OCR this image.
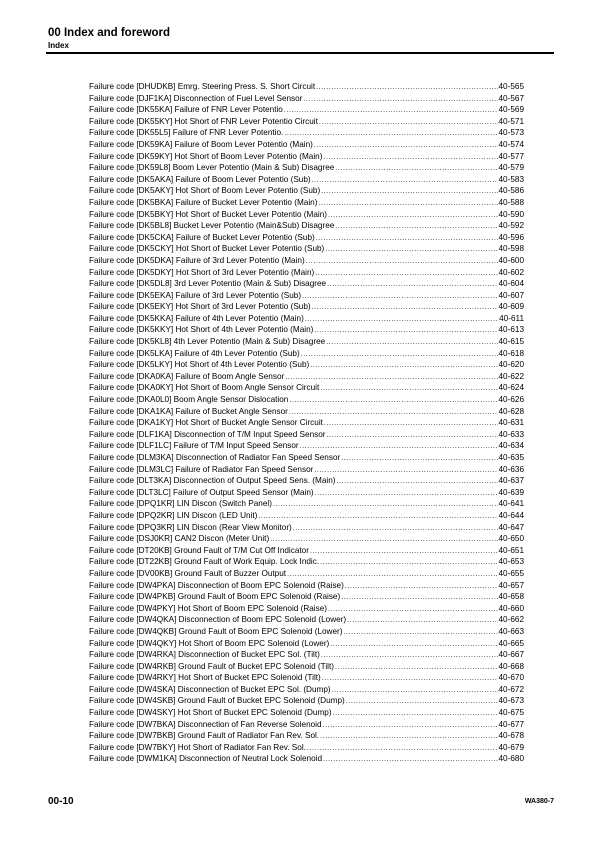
00 Index and foreword
Index
Failure code [DHUDKB] Emrg. Steering Press. S. Short Circuit .....	40-565
Failure code [DJF1KA] Disconnection of Fuel Level Sensor .....	40-567
Failure code [DK55KA] Failure of FNR Lever Potentio .....	40-569
Failure code [DK55KY] Hot Short of FNR Lever Potentio Circuit .....	40-571
Failure code [DK55L5] Failure of FNR Lever Potentio. .....	40-573
Failure code [DK59KA] Failure of Boom Lever Potentio (Main) .....	40-574
Failure code [DK59KY] Hot Short of Boom Lever Potentio (Main) .....	40-577
Failure code [DK59L8] Boom Lever Potentio (Main & Sub) Disagree .....	40-579
Failure code [DK5AKA] Failure of Boom Lever Potentio (Sub) .....	40-583
Failure code [DK5AKY] Hot Short of Boom Lever Potentio (Sub) .....	40-586
Failure code [DK5BKA] Failure of Bucket Lever Potentio (Main) .....	40-588
Failure code [DK5BKY] Hot Short of Bucket Lever Potentio (Main) .....	40-590
Failure code [DK5BL8] Bucket Lever Potentio (Main&Sub) Disagree .....	40-592
Failure code [DK5CKA] Failure of Bucket Lever Potentio (Sub) .....	40-596
Failure code [DK5CKY] Hot Short of Bucket Lever Potentio (Sub) .....	40-598
Failure code [DK5DKA] Failure of 3rd Lever Potentio (Main) .....	40-600
Failure code [DK5DKY] Hot Short of 3rd Lever Potentio (Main) .....	40-602
Failure code [DK5DL8] 3rd Lever Potentio (Main & Sub) Disagree .....	40-604
Failure code [DK5EKA] Failure of 3rd Lever Potentio (Sub) .....	40-607
Failure code [DK5EKY] Hot Short of 3rd Lever Potentio (Sub) .....	40-609
Failure code [DK5KKA] Failure of 4th Lever Potentio (Main) .....	40-611
Failure code [DK5KKY] Hot Short of 4th Lever Potentio (Main) .....	40-613
Failure code [DK5KL8] 4th Lever Potentio (Main & Sub) Disagree .....	40-615
Failure code [DK5LKA] Failure of 4th Lever Potentio (Sub) .....	40-618
Failure code [DK5LKY] Hot Short of 4th Lever Potentio (Sub) .....	40-620
Failure code [DKA0KA] Failure of Boom Angle Sensor .....	40-622
Failure code [DKA0KY] Hot Short of Boom Angle Sensor Circuit .....	40-624
Failure code [DKA0L0] Boom Angle Sensor Dislocation .....	40-626
Failure code [DKA1KA] Failure of Bucket Angle Sensor .....	40-628
Failure code [DKA1KY] Hot Short of Bucket Angle Sensor Circuit .....	40-631
Failure code [DLF1KA] Disconnection of T/M Input Speed Sensor .....	40-633
Failure code [DLF1LC] Failure of T/M Input Speed Sensor .....	40-634
Failure code [DLM3KA] Disconnection of Radiator Fan Speed Sensor .....	40-635
Failure code [DLM3LC] Failure of Radiator Fan Speed Sensor .....	40-636
Failure code [DLT3KA] Disconnection of Output Speed Sens. (Main) .....	40-637
Failure code [DLT3LC] Failure of Output Speed Sensor (Main) .....	40-639
Failure code [DPQ1KR] LIN Discon (Switch Panel) .....	40-641
Failure code [DPQ2KR] LIN Discon (LED Unit) .....	40-644
Failure code [DPQ3KR] LIN Discon (Rear View Monitor) .....	40-647
Failure code [DSJ0KR] CAN2 Discon (Meter Unit) .....	40-650
Failure code [DT20KB] Ground Fault of T/M Cut Off Indicator .....	40-651
Failure code [DT22KB] Ground Fault of Work Equip. Lock Indic. .....	40-653
Failure code [DV00KB] Ground Fault of Buzzer Output .....	40-655
Failure code [DW4PKA] Disconnection of Boom EPC Solenoid (Raise) .....	40-657
Failure code [DW4PKB] Ground Fault of Boom EPC Solenoid (Raise) .....	40-658
Failure code [DW4PKY] Hot Short of Boom EPC Solenoid (Raise) .....	40-660
Failure code [DW4QKA] Disconnection of Boom EPC Solenoid (Lower) .....	40-662
Failure code [DW4QKB] Ground Fault of Boom EPC Solenoid (Lower) .....	40-663
Failure code [DW4QKY] Hot Short of Boom EPC Solenoid (Lower) .....	40-665
Failure code [DW4RKA] Disconnection of Bucket EPC Sol. (Tilt) .....	40-667
Failure code [DW4RKB] Ground Fault of Bucket EPC Solenoid (Tilt) .....	40-668
Failure code [DW4RKY] Hot Short of Bucket EPC Solenoid (Tilt) .....	40-670
Failure code [DW4SKA] Disconnection of Bucket EPC Sol. (Dump) .....	40-672
Failure code [DW4SKB] Ground Fault of Bucket EPC Solenoid (Dump) .....	40-673
Failure code [DW4SKY] Hot Short of Bucket EPC Solenoid (Dump) .....	40-675
Failure code [DW7BKA] Disconnection of Fan Reverse Solenoid .....	40-677
Failure code [DW7BKB] Ground Fault of Radiator Fan Rev. Sol. .....	40-678
Failure code [DW7BKY] Hot Short of Radiator Fan Rev. Sol. .....	40-679
Failure code [DWM1KA] Disconnection of Neutral Lock Solenoid .....	40-680
00-10	WA380-7
